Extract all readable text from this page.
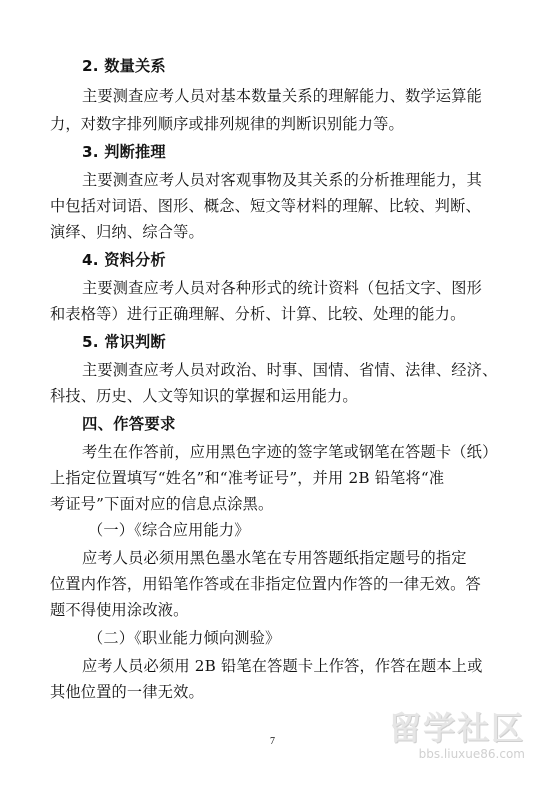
2. 数量关系
主要测查应考人员对基本数量关系的理解能力、数学运算能
力，对数字排列顺序或排列规律的判断识别能力等。
3. 判断推理
主要测查应考人员对客观事物及其关系的分析推理能力，其
中包括对词语、图形、概念、短文等材料的理解、比较、判断、
演绎、归纳、综合等。
4. 资料分析
主要测查应考人员对各种形式的统计资料（包括文字、图形
和表格等）进行正确理解、分析、计算、比较、处理的能力。
5. 常识判断
主要测查应考人员对政治、时事、国情、省情、法律、经济、
科技、历史、人文等知识的掌握和运用能力。
四、作答要求
考生在作答前，应用黑色字迹的签字笔或钢笔在答题卡（纸）
上指定位置填写“姓名”和“准考证号”，并用 2B 铅笔将“准
考证号”下面对应的信息点涂黑。
（一）《综合应用能力》
应考人员必须用黑色墨水笔在专用答题纸指定题号的指定
位置内作答，用铅笔作答或在非指定位置内作答的一律无效。答
题不得使用涂改液。
（二）《职业能力倾向测验》
应考人员必须用 2B 铅笔在答题卡上作答，作答在题本上或
其他位置的一律无效。
7	留学社区
bbs.liuxue86.com
